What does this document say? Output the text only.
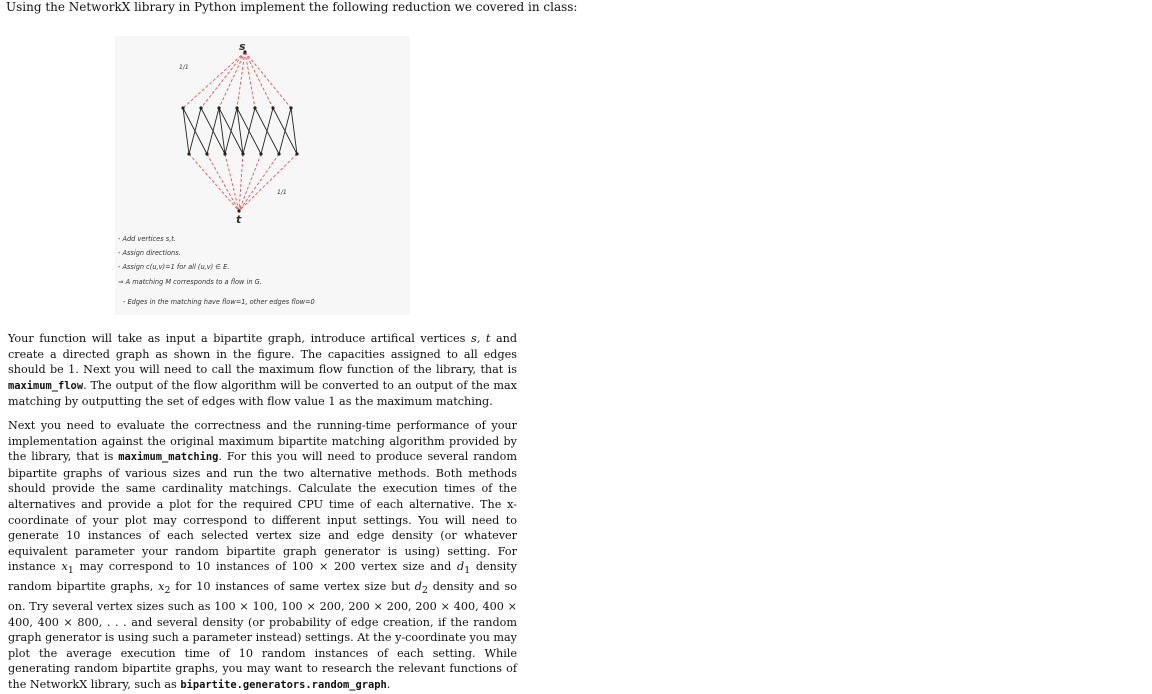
Using the NetworkX library in Python implement the following reduction we covered in class:
s
t
1/1
1/1
- Add vertices s,t.
- Assign directions.
- Assign c(u,v)=1 for all (u,v) ∈ E.
⇒ A matching M corresponds to a flow in G.
- Edges in the matching have flow=1, other edges flow=0

Your function will take as input a bipartite graph, introduce artifical vertices s, t and create a directed graph as shown in the figure. The capacities assigned to all edges should be 1. Next you will need to call the maximum flow function of the library, that is maximum_flow. The output of the flow algorithm will be converted to an output of the max matching by outputting the set of edges with flow value 1 as the maximum matching.

Next you need to evaluate the correctness and the running-time performance of your implementation against the original maximum bipartite matching algorithm provided by the library, that is maximum_matching. For this you will need to produce several random bipartite graphs of various sizes and run the two alternative methods. Both methods should provide the same cardinality matchings. Calculate the execution times of the alternatives and provide a plot for the required CPU time of each alternative. The x-coordinate of your plot may correspond to different input settings. You will need to generate 10 instances of each selected vertex size and edge density (or whatever equivalent parameter your random bipartite graph generator is using) setting. For instance $x_1$ may correspond to 10 instances of 100 × 200 vertex size and $d_1$ density random bipartite graphs, $x_2$ for 10 instances of same vertex size but $d_2$ density and so on. Try several vertex sizes such as 100 × 100, 100 × 200, 200 × 200, 200 × 400, 400 × 400, 400 × 800, . . . and several density (or probability of edge creation, if the random graph generator is using such a parameter instead) settings. At the y-coordinate you may plot the average execution time of 10 random instances of each setting. While generating random bipartite graphs, you may want to research the relevant functions of the NetworkX library, such as bipartite.generators.random_graph.
